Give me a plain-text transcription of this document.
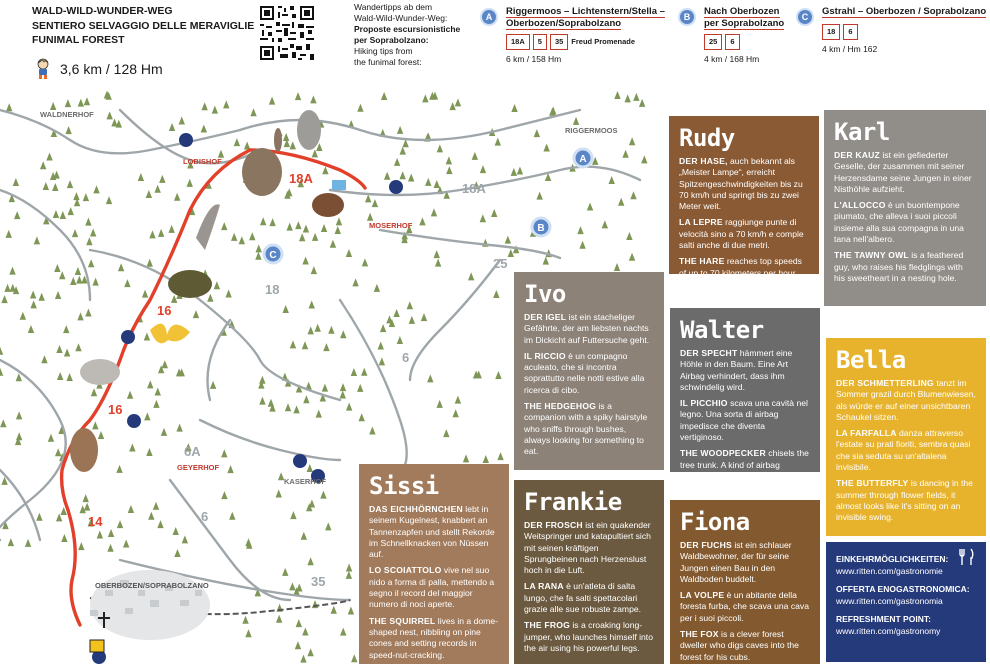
WALD-WILD-WUNDER-WEG
SENTIERO SELVAGGIO DELLE MERAVIGLIE
FUNIMAL FOREST
3,6 km / 128 Hm
Wandertipps ab dem
Wald-Wild-Wunder-Weg:
Proposte escursionistiche
per Soprabolzano:
Hiking tips from
the funimal forest:
A	Riggermoos – Lichtenstern/Stella –
Oberbozen/Soprabolzano
18A	5	35	Freud Promenade
6 km / 158 Hm
B	Nach Oberbozen
per Soprabolzano
25	6
4 km / 168 Hm
C	Gstrahl – Oberbozen / Soprabolzano
18	6
4 km / Hm 162
A
B
C
WALDNERHOF
LOBISHOF
RIGGERMOOS
MOSERHOF
GEYERHOF
KASERHOF
OBERBOZEN/SOPRABOLZANO
18A
18A
18
16
16
14
25
6
6A
6
35
Rudy

DER HASE, auch bekannt als „Meister Lampe“, erreicht Spitzengeschwindigkeiten bis zu 70 km/h und springt bis zu zwei Meter weit.

LA LEPRE raggiunge punte di velocità sino a 70 km/h e comple salti anche di due metri.

THE HARE reaches top speeds of up to 70 kilometers per hour and jumps of to two meters.

Karl

DER KAUZ ist ein gefiederter Geselle, der zusammen mit seiner Herzensdame seine Jungen in einer Nisthöhle aufzieht.

L'ALLOCCO è un buontempone piumato, che alleva i suoi piccoli insieme alla sua compagna in una tana nell'albero.

THE TAWNY OWL is a feathered guy, who raises his fledglings with his sweetheart in a nesting hole.

Ivo

DER IGEL ist ein stacheliger Gefährte, der am liebsten nachts im Dickicht auf Futtersuche geht.

IL RICCIO è un compagno aculeato, che si incontra soprattutto nelle notti estive alla ricerca di cibo.

THE HEDGEHOG is a companion with a spiky hairstyle who sniffs through bushes, always looking for something to eat.

Walter

DER SPECHT hämmert eine Höhle in den Baum. Eine Art Airbag verhindert, dass ihm schwindelig wird.

IL PICCHIO scava una cavità nel legno. Una sorta di airbag impedisce che diventa vertiginoso.

THE WOODPECKER chisels the tree trunk. A kind of airbag prevents him from getting dizzy.

Bella

DER SCHMETTERLING tanzt im Sommer grazil durch Blumenwiesen, als würde er auf einer unsichtbaren Schaukel sitzen.

LA FARFALLA danza attraverso l'estate su prati fioriti, sembra quasi che sia seduta su un'altalena invisibile.

THE BUTTERFLY is dancing in the summer through flower fields, it almost looks like it's sitting on an invisible swing.

Sissi

DAS EICHHÖRNCHEN lebt in seinem Kugelnest, knabbert an Tannenzapfen und stellt Rekorde im Schnellknacken von Nüssen auf.

LO SCOIATTOLO vive nel suo nido a forma di palla, mettendo a segno il record del maggior numero di noci aperte.

THE SQUIRREL lives in a dome-shaped nest, nibbling on pine cones and setting records in speed-nut-cracking.

Frankie

DER FROSCH ist ein quakender Weitspringer und katapultiert sich mit seinen kräftigen Sprungbeinen nach Herzenslust hoch in die Luft.

LA RANA è un'atleta di salta lungo, che fa salti spettacolari grazie alle sue robuste zampe.

THE FROG is a croaking long-jumper, who launches himself into the air using his powerful legs.

Fiona

DER FUCHS ist ein schlauer Waldbewohner, der für seine Jungen einen Bau in den Waldboden buddelt.

LA VOLPE è un abitante della foresta furba, che scava una cava per i suoi piccoli.

THE FOX is a clever forest dweller who digs caves into the forest for his cubs.

EINKEHRMÖGLICHKEITEN:
www.ritten.com/gastronomie

OFFERTA ENOGASTRONOMICA:
www.ritten.com/gastronomia

REFRESHMENT POINT:
www.ritten.com/gastronomy
